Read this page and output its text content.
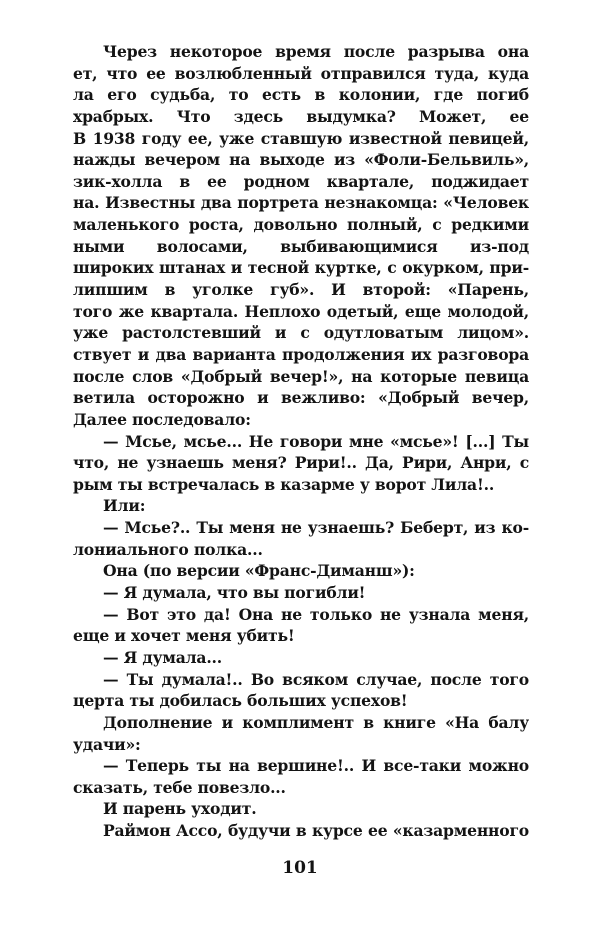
Через некоторое время после разрыва она
ет, что ее возлюбленный отправился туда, куда
ла его судьба, то есть в колонии, где погиб
храбрых. Что здесь выдумка? Может, ее
В 1938 году ее, уже ставшую известной певицей,
нажды вечером на выходе из «Фоли-Бельвиль»,
зик-холла в ее родном квартале, поджидает
на. Известны два портрета незнакомца: «Человек
маленького роста, довольно полный, с редкими
ными волосами, выбивающимися из-под
широких штанах и тесной куртке, с окурком, при-
липшим в уголке губ». И второй: «Парень,
того же квартала. Неплохо одетый, еще молодой,
уже растолстевший и с одутловатым лицом».
ствует и два варианта продолжения их разговора
после слов «Добрый вечер!», на которые певица
ветила осторожно и вежливо: «Добрый вечер,
Далее последовало:
— Мсье, мсье... Не говори мне «мсье»! [...] Ты
что, не узнаешь меня? Рири!.. Да, Рири, Анри, с
рым ты встречалась в казарме у ворот Лила!..
Или:
— Мсье?.. Ты меня не узнаешь? Беберт, из ко-
лониального полка...
Она (по версии «Франс-Диманш»):
— Я думала, что вы погибли!
— Вот это да! Она не только не узнала меня,
еще и хочет меня убить!
— Я думала...
— Ты думала!.. Во всяком случае, после того
церта ты добилась больших успехов!
Дополнение и комплимент в книге «На балу
удачи»:
— Теперь ты на вершине!.. И все-таки можно
сказать, тебе повезло...
И парень уходит.
Раймон Ассо, будучи в курсе ее «казарменного
101
